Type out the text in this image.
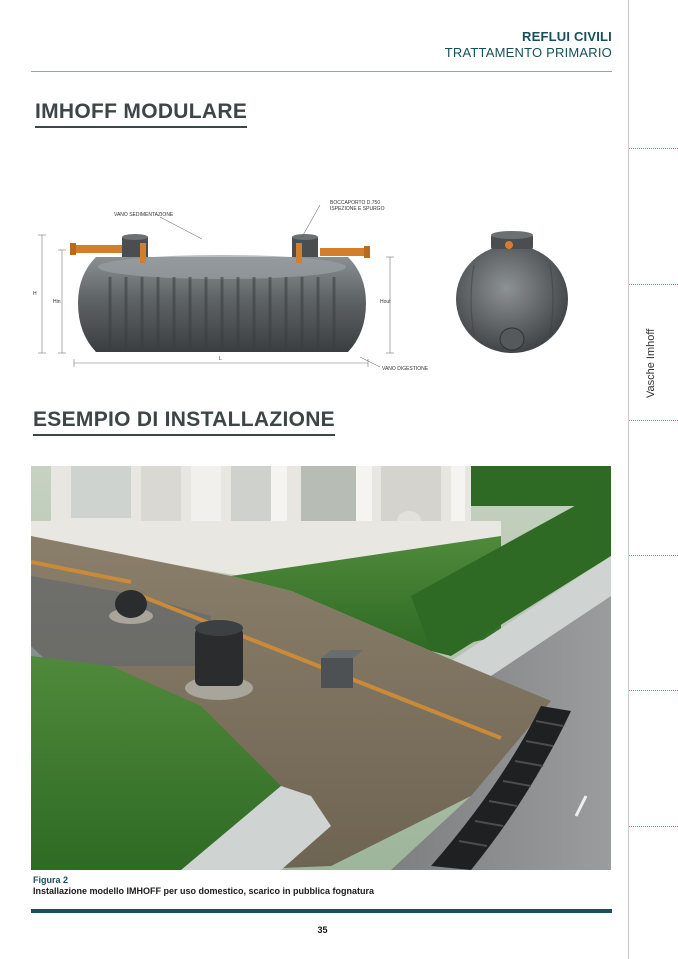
REFLUI CIVILI
TRATTAMENTO PRIMARIO
Vasche Imhoff
IMHOFF MODULARE
H
Hin	Hout
L
VANO SEDIMENTAZIONE
BOCCAPORTO D.750
ISPEZIONE E SPURGO
VANO DIGESTIONE
ESEMPIO DI INSTALLAZIONE
Figura 2
Installazione modello IMHOFF per uso domestico, scarico in pubblica fognatura
35
